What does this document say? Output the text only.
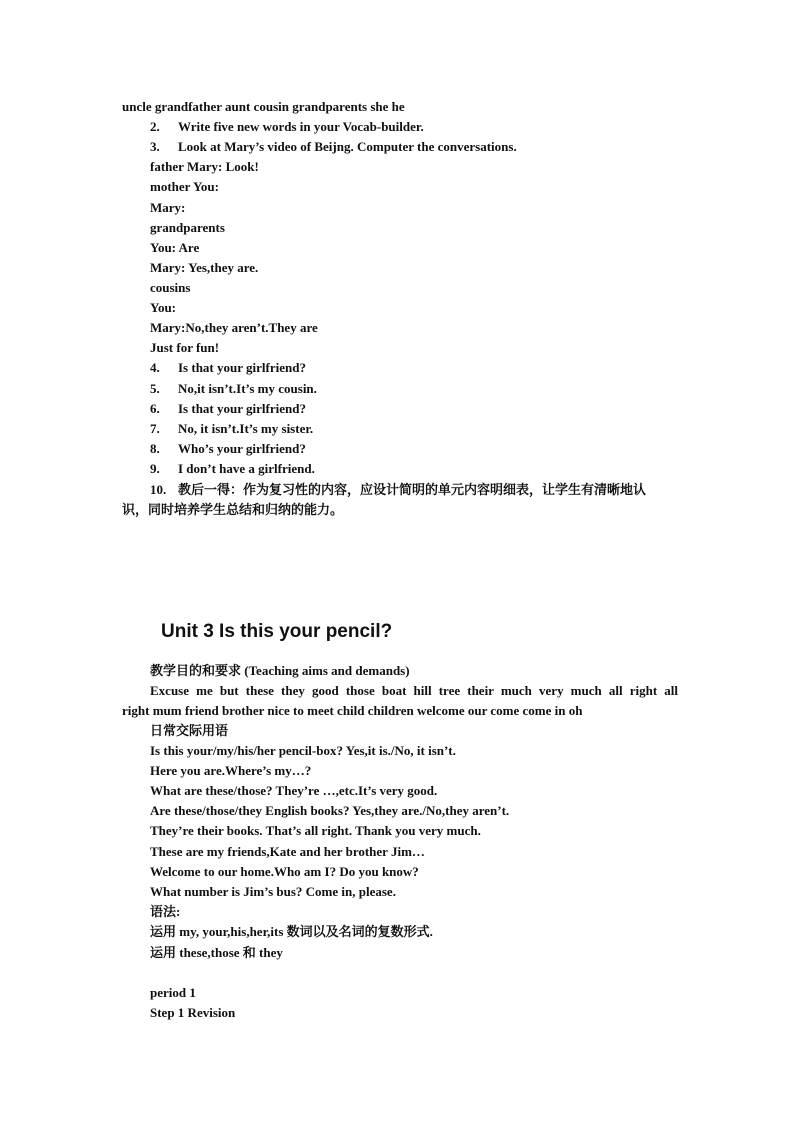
uncle grandfather aunt cousin grandparents she he
2. Write five new words in your Vocab-builder.
3. Look at Mary’s video of Beijng. Computer the conversations.
father Mary: Look!
mother You:
Mary:
grandparents
You: Are
Mary: Yes,they are.
cousins
You:
Mary:No,they aren’t.They are
Just for fun!
4. Is that your girlfriend?
5. No,it isn’t.It’s my cousin.
6. Is that your girlfriend?
7. No, it isn’t.It’s my sister.
8. Who’s your girlfriend?
9. I don’t have a girlfriend.
10. 教后一得：作为复习性的内容，应设计简明的单元内容明细表，让学生有清晰地认
识，同时培养学生总结和归纳的能力。
Unit 3 Is this your pencil?
教学目的和要求 (Teaching aims and demands)
Excuse me but these they good those boat hill tree their much very much all right all
right mum friend brother nice to meet child children welcome our come come in oh
日常交际用语
Is this your/my/his/her pencil-box? Yes,it is./No, it isn’t.
Here you are.Where’s my…?
What are these/those? They’re …,etc.It’s very good.
Are these/those/they English books? Yes,they are./No,they aren’t.
They’re their books. That’s all right. Thank you very much.
These are my friends,Kate and her brother Jim…
Welcome to our home.Who am I? Do you know?
What number is Jim’s bus? Come in, please.
语法:
运用 my, your,his,her,its 数词以及名词的复数形式.
运用 these,those 和 they
period 1
Step 1 Revision
